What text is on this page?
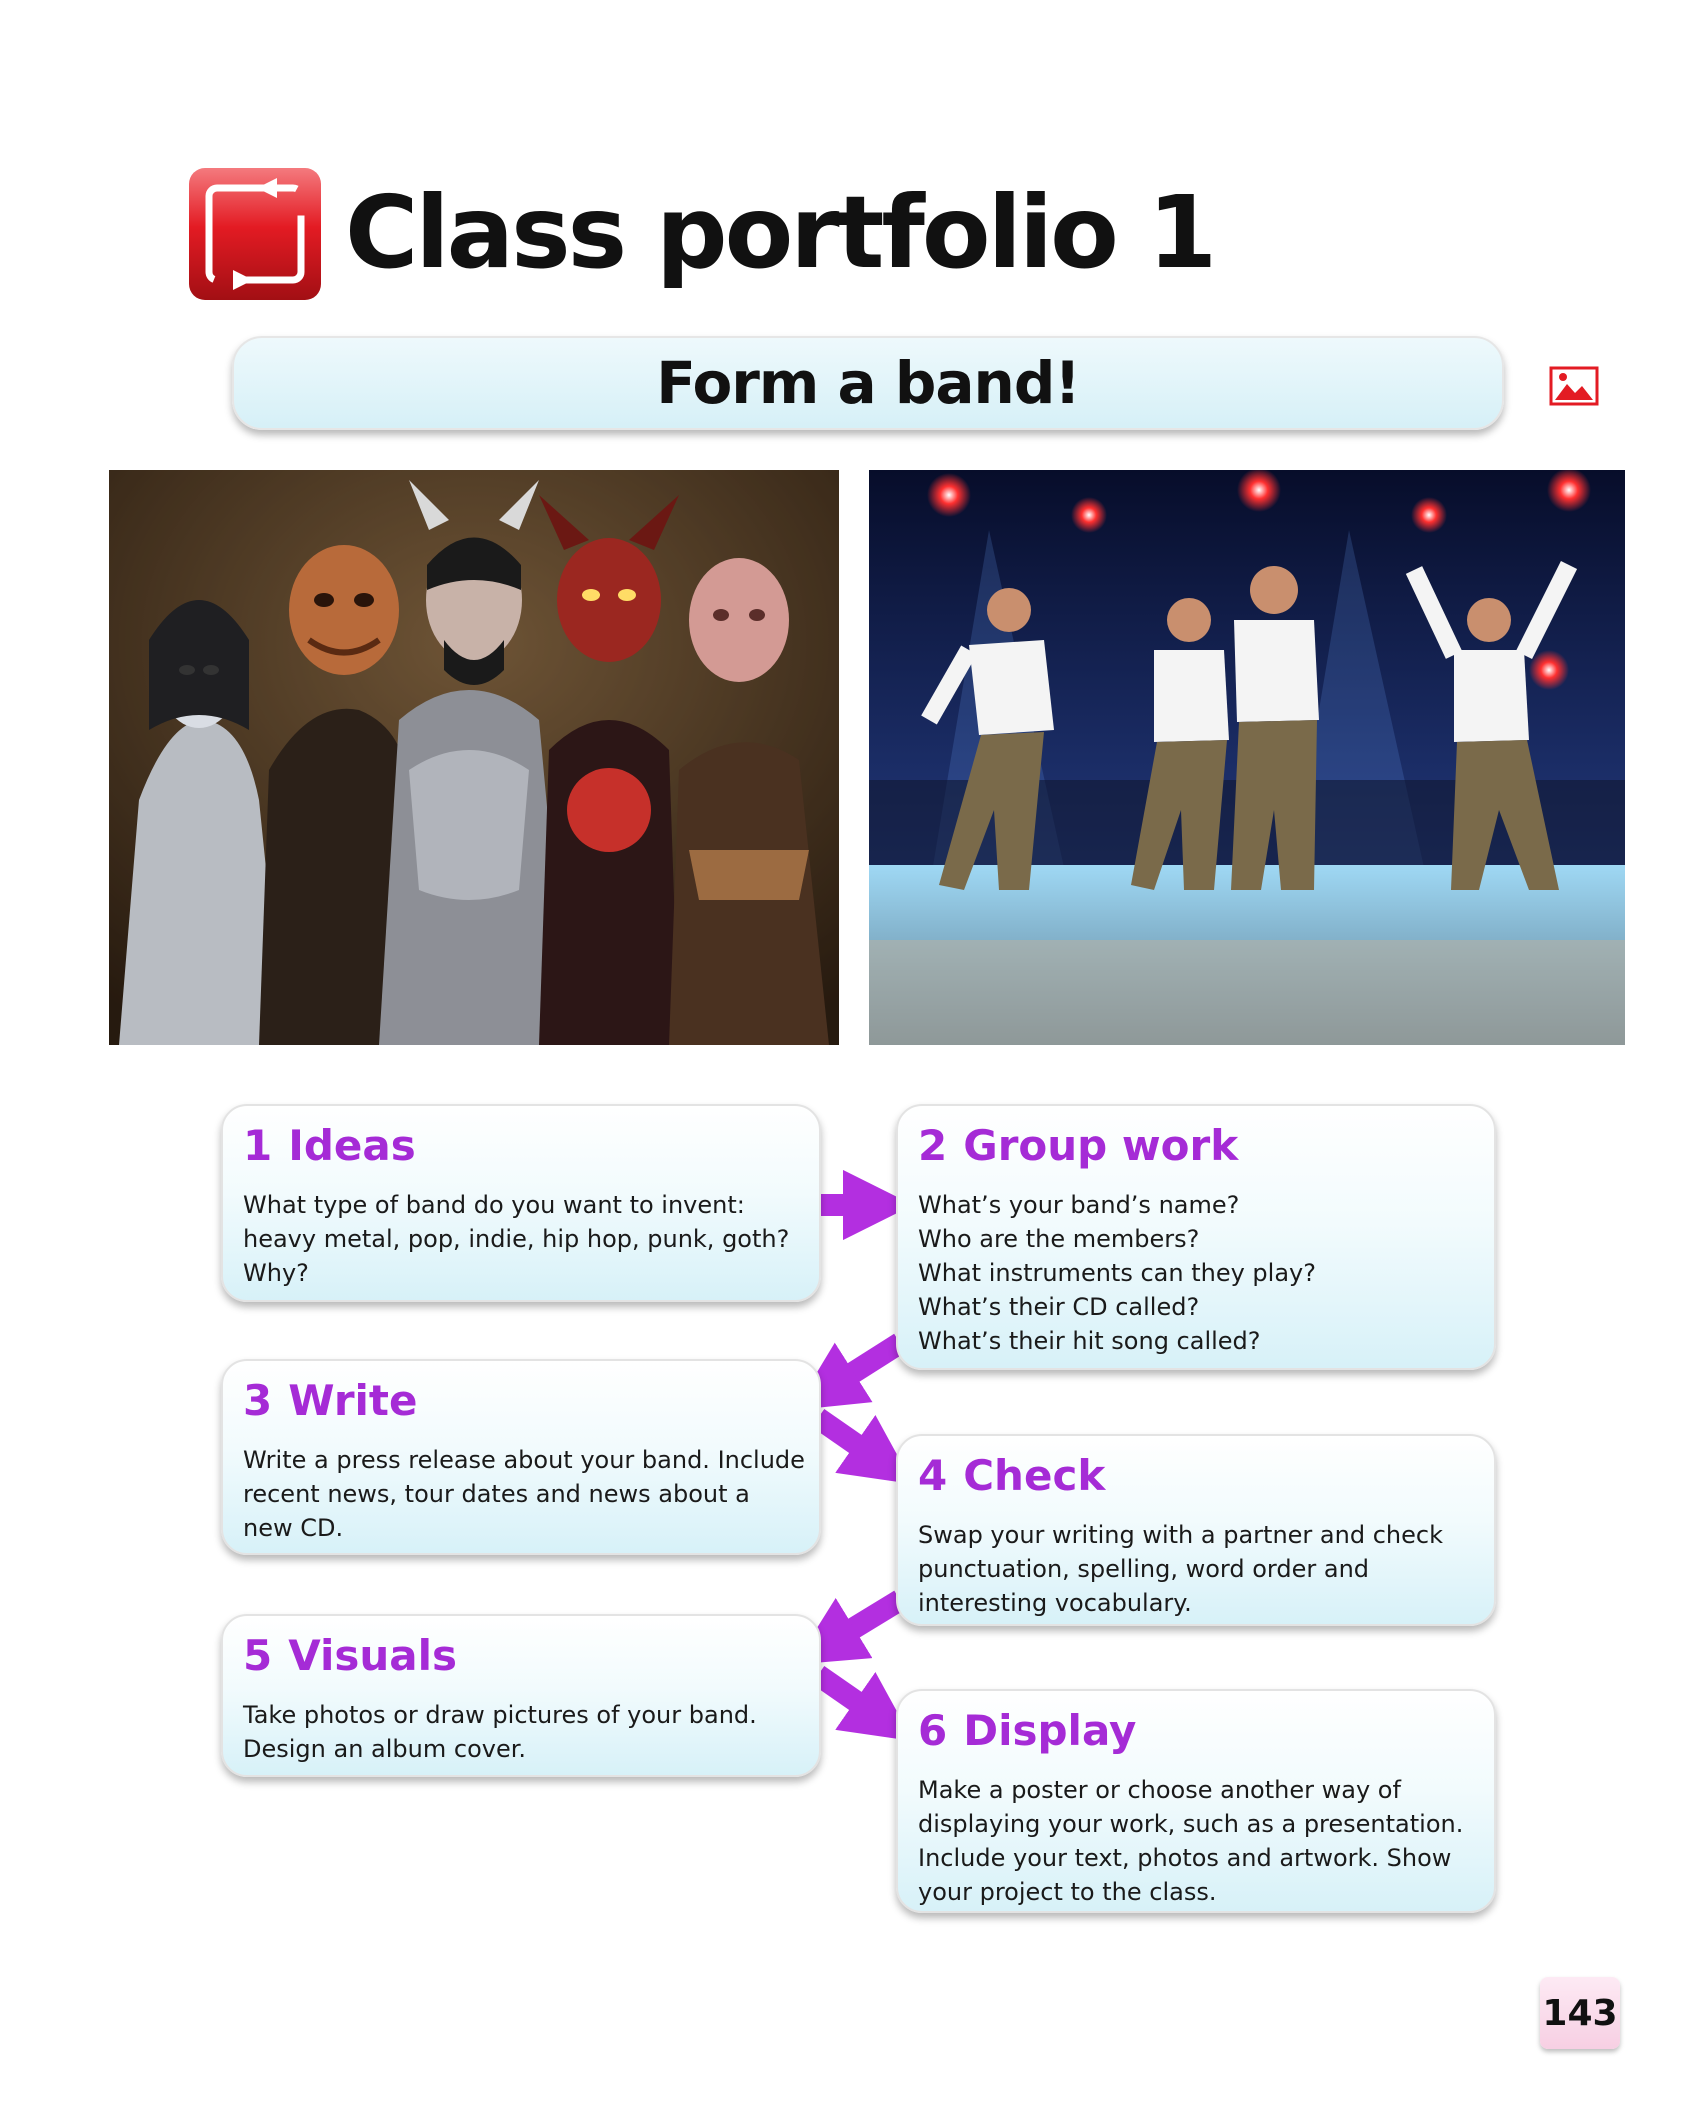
Class portfolio 1
Form a band!
1 Ideas
What type of band do you want to invent:
heavy metal, pop, indie, hip hop, punk, goth?
Why?
2 Group work
What’s your band’s name?
Who are the members?
What instruments can they play?
What’s their CD called?
What’s their hit song called?
3 Write
Write a press release about your band. Include
recent news, tour dates and news about a
new CD.
4 Check
Swap your writing with a partner and check
punctuation, spelling, word order and
interesting vocabulary.
5 Visuals
Take photos or draw pictures of your band.
Design an album cover.	6 Display
Make a poster or choose another way of
displaying your work, such as a presentation.
Include your text, photos and artwork. Show
your project to the class.
143
